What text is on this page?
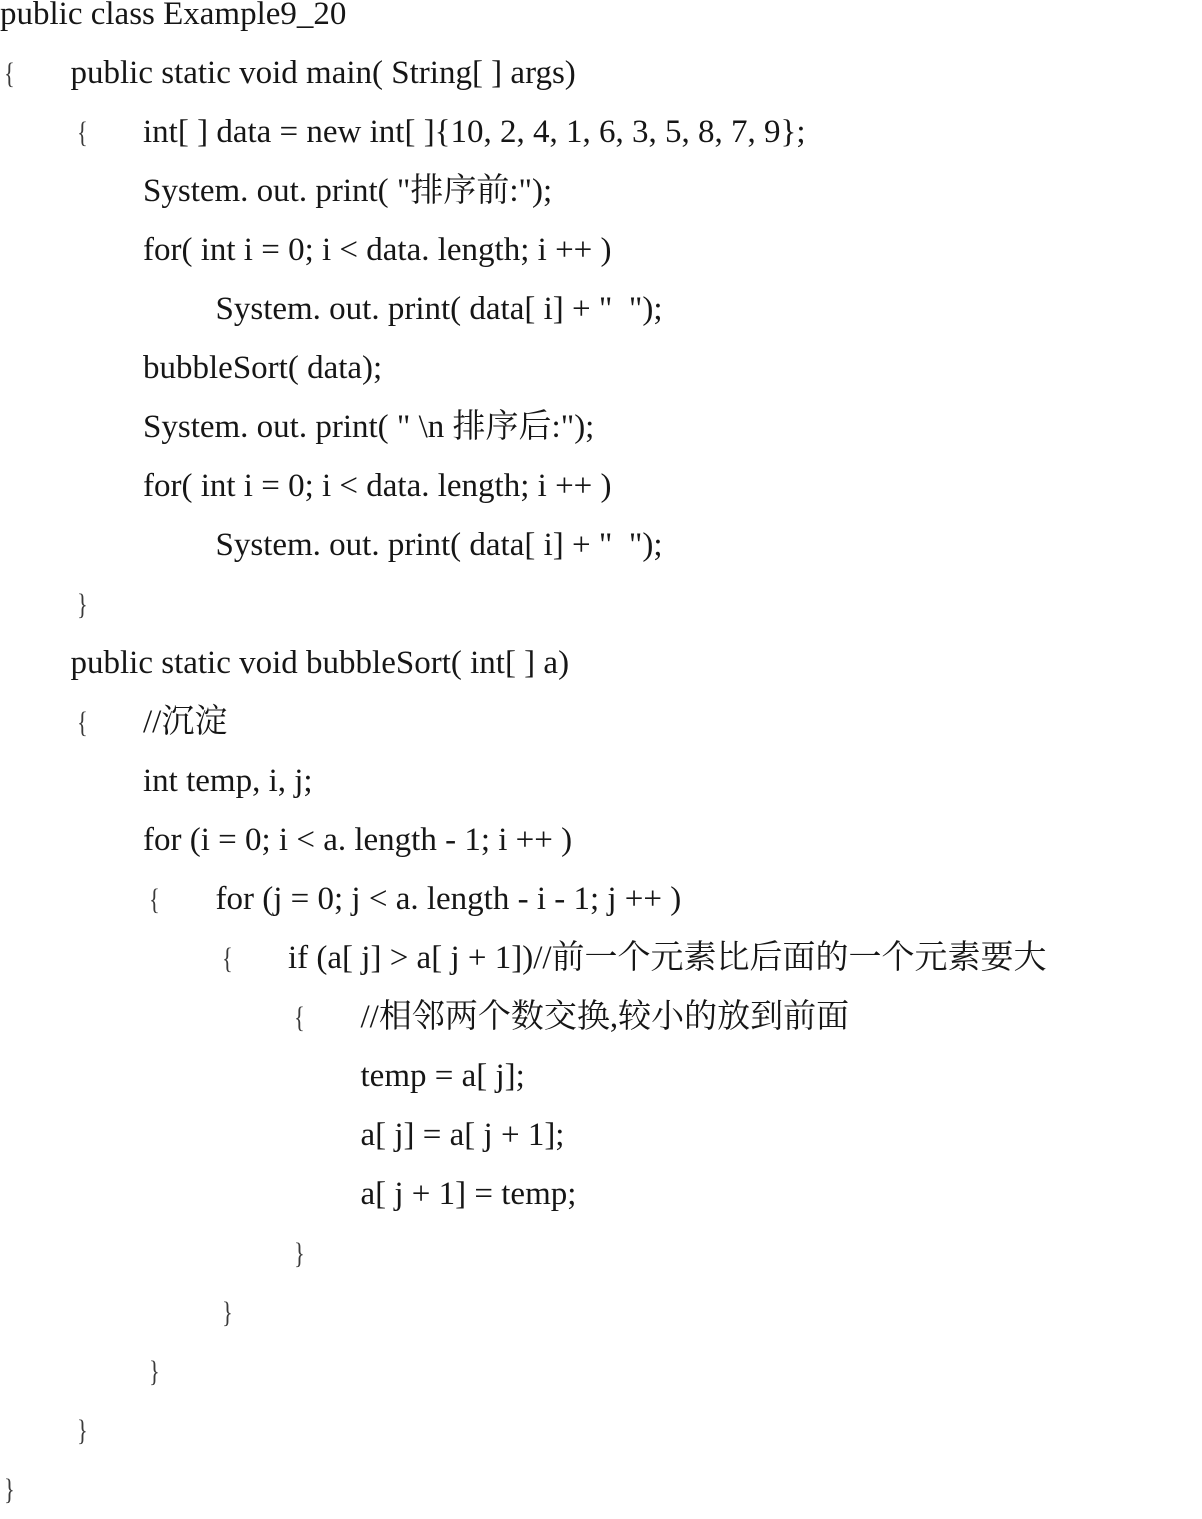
public class Example9_20
{ public static void main( String[ ] args)
{ int[ ] data = new int[ ]{10, 2, 4, 1, 6, 3, 5, 8, 7, 9};
System. out. print( "排序前:");
for( int i = 0; i < data. length; i ++ )
System. out. print( data[ i] + "  ");
bubbleSort( data);
System. out. print( " \n 排序后:");
for( int i = 0; i < data. length; i ++ )
System. out. print( data[ i] + "  ");
}
public static void bubbleSort( int[ ] a)
{ //沉淀
int temp, i, j;
for (i = 0; i < a. length - 1; i ++ )
{ for (j = 0; j < a. length - i - 1; j ++ )
{ if (a[ j] > a[ j + 1])//前一个元素比后面的一个元素要大
{ //相邻两个数交换,较小的放到前面
temp = a[ j];
a[ j] = a[ j + 1];
a[ j + 1] = temp;
}
}
}
}
}
